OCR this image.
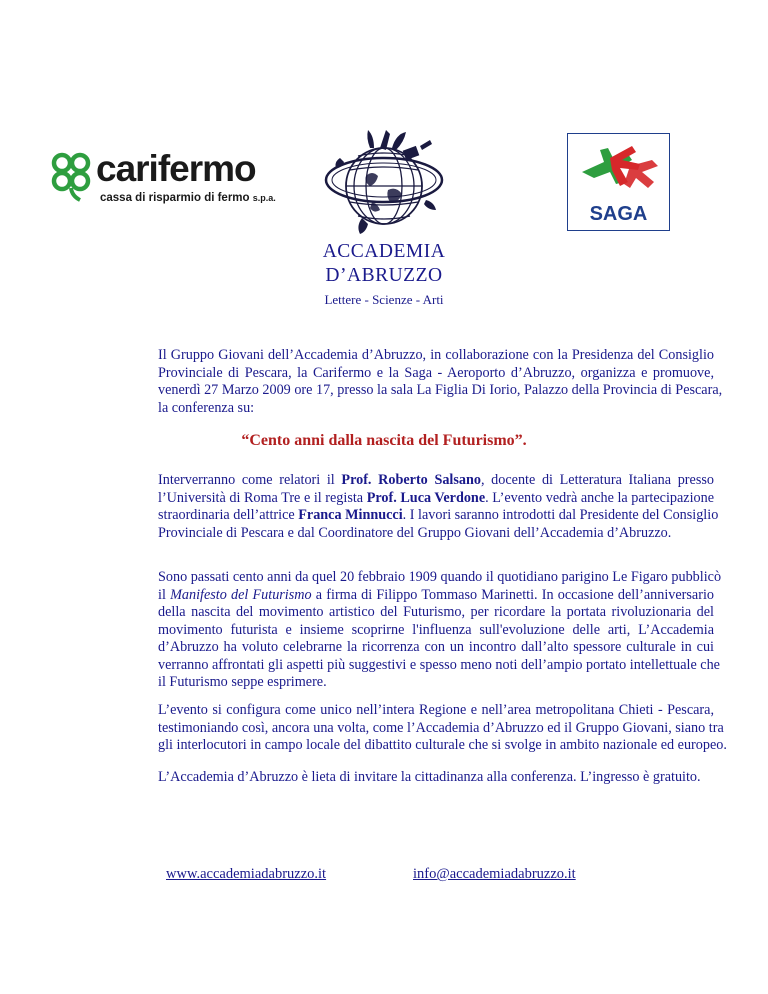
carifermo
cassa di risparmio di fermo s.p.a.
SAGA
ACCADEMIA
D’ABRUZZO
Lettere - Scienze - Arti
Il Gruppo Giovani dell’Accademia d’Abruzzo, in collaborazione con la Presidenza del Consiglio
Provinciale di Pescara, la Carifermo e la Saga - Aeroporto d’Abruzzo, organizza e promuove,
venerdì 27 Marzo 2009 ore 17, presso la sala La Figlia Di Iorio, Palazzo della Provincia di Pescara,
la conferenza su:
“Cento anni dalla nascita del Futurismo”.
Interverranno come relatori il Prof. Roberto Salsano, docente di Letteratura Italiana presso
l’Università di Roma Tre e il regista Prof. Luca Verdone. L’evento vedrà anche la partecipazione
straordinaria dell’attrice Franca Minnucci. I lavori saranno introdotti dal Presidente del Consiglio
Provinciale di Pescara e dal Coordinatore del Gruppo Giovani dell’Accademia d’Abruzzo.
Sono passati cento anni da quel 20 febbraio 1909 quando il quotidiano parigino Le Figaro pubblicò
il Manifesto del Futurismo a firma di Filippo Tommaso Marinetti. In occasione dell’anniversario
della nascita del movimento artistico del Futurismo, per ricordare la portata rivoluzionaria del
movimento futurista e insieme scoprirne l'influenza sull'evoluzione delle arti, L’Accademia
d’Abruzzo ha voluto celebrarne la ricorrenza con un incontro dall’alto spessore culturale in cui
verranno affrontati gli aspetti più suggestivi e spesso meno noti dell’ampio portato intellettuale che
il Futurismo seppe esprimere.
L’evento si configura come unico nell’intera Regione e nell’area metropolitana Chieti - Pescara,
testimoniando così, ancora una volta, come l’Accademia d’Abruzzo ed il Gruppo Giovani, siano tra
gli interlocutori in campo locale del dibattito culturale che si svolge in ambito nazionale ed europeo.
L’Accademia d’Abruzzo è lieta di invitare la cittadinanza alla conferenza. L’ingresso è gratuito.
www.accademiadabruzzo.it	info@accademiadabruzzo.it
